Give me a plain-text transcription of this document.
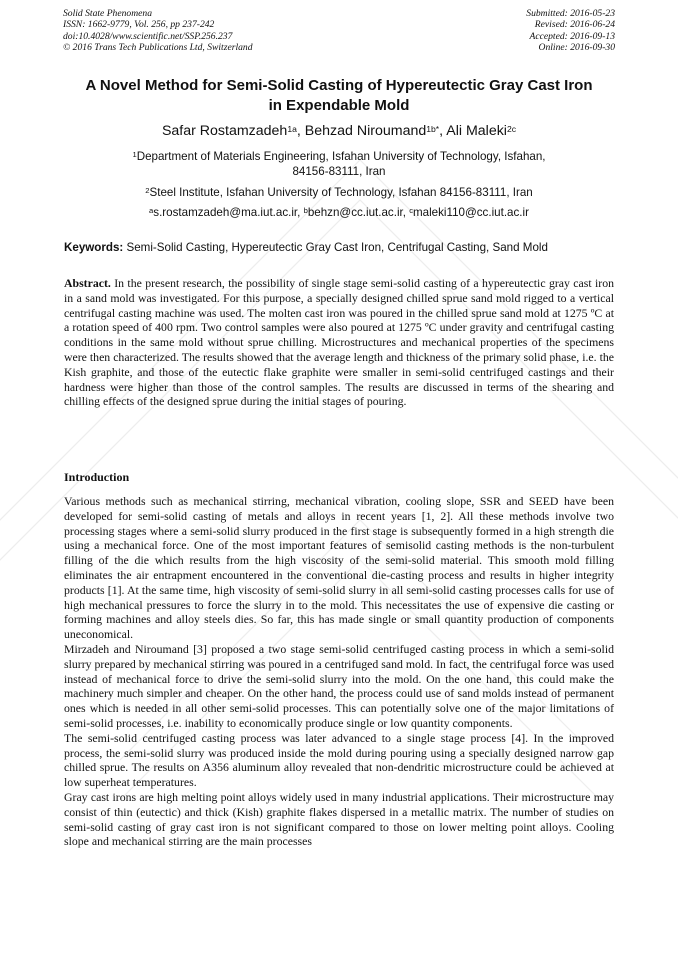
Solid State Phenomena
ISSN: 1662-9779, Vol. 256, pp 237-242
doi:10.4028/www.scientific.net/SSP.256.237
© 2016 Trans Tech Publications Ltd, Switzerland
Submitted: 2016-05-23
Revised: 2016-06-24
Accepted: 2016-09-13
Online: 2016-09-30
A Novel Method for Semi-Solid Casting of Hypereutectic Gray Cast Iron
in Expendable Mold
Safar Rostamzadeh$^{1a}$, Behzad Niroumand$^{1b*}$, Ali Maleki$^{2c}$
$^1$Department of Materials Engineering, Isfahan University of Technology, Isfahan,
84156-83111, Iran
$^2$Steel Institute, Isfahan University of Technology, Isfahan 84156-83111, Iran
$^a$s.rostamzadeh@ma.iut.ac.ir, $^b$behzn@cc.iut.ac.ir, $^c$maleki110@cc.iut.ac.ir
Keywords: Semi-Solid Casting, Hypereutectic Gray Cast Iron, Centrifugal Casting, Sand Mold

Abstract. In the present research, the possibility of single stage semi-solid casting of a hypereutectic gray cast iron in a sand mold was investigated. For this purpose, a specially designed chilled sprue sand mold rigged to a vertical centrifugal casting machine was used. The molten cast iron was poured in the chilled sprue sand mold at 1275 ºC at a rotation speed of 400 rpm. Two control samples were also poured at 1275 ºC under gravity and centrifugal casting conditions in the same mold without sprue chilling. Microstructures and mechanical properties of the specimens were then characterized. The results showed that the average length and thickness of the primary solid phase, i.e. the Kish graphite, and those of the eutectic flake graphite were smaller in semi-solid centrifuged castings and their hardness were higher than those of the control samples. The results are discussed in terms of the shearing and chilling effects of the designed sprue during the initial stages of pouring.

Introduction

Various methods such as mechanical stirring, mechanical vibration, cooling slope, SSR and SEED have been developed for semi-solid casting of metals and alloys in recent years [1, 2]. All these methods involve two processing stages where a semi-solid slurry produced in the first stage is subsequently formed in a high strength die using a mechanical force. One of the most important features of semisolid casting methods is the non-turbulent filling of the die which results from the high viscosity of the semi-solid material. This smooth mold filling eliminates the air entrapment encountered in the conventional die-casting process and results in higher integrity products [1]. At the same time, high viscosity of semi-solid slurry in all semi-solid casting processes calls for use of high mechanical pressures to force the slurry in to the mold. This necessitates the use of expensive die casting or forming machines and alloy steels dies. So far, this has made single or small quantity production of components uneconomical.

Mirzadeh and Niroumand [3] proposed a two stage semi-solid centrifuged casting process in which a semi-solid slurry prepared by mechanical stirring was poured in a centrifuged sand mold. In fact, the centrifugal force was used instead of mechanical force to drive the semi-solid slurry into the mold. On the one hand, this could make the machinery much simpler and cheaper. On the other hand, the process could use of sand molds instead of permanent ones which is needed in all other semi-solid processes. This can potentially solve one of the major limitations of semi-solid processes, i.e. inability to economically produce single or low quantity components.

The semi-solid centrifuged casting process was later advanced to a single stage process [4]. In the improved process, the semi-solid slurry was produced inside the mold during pouring using a specially designed narrow gap chilled sprue. The results on A356 aluminum alloy revealed that non-dendritic microstructure could be achieved at low superheat temperatures.

Gray cast irons are high melting point alloys widely used in many industrial applications. Their microstructure may consist of thin (eutectic) and thick (Kish) graphite flakes dispersed in a metallic matrix. The number of studies on semi-solid casting of gray cast iron is not significant compared to those on lower melting point alloys. Cooling slope and mechanical stirring are the main processes
